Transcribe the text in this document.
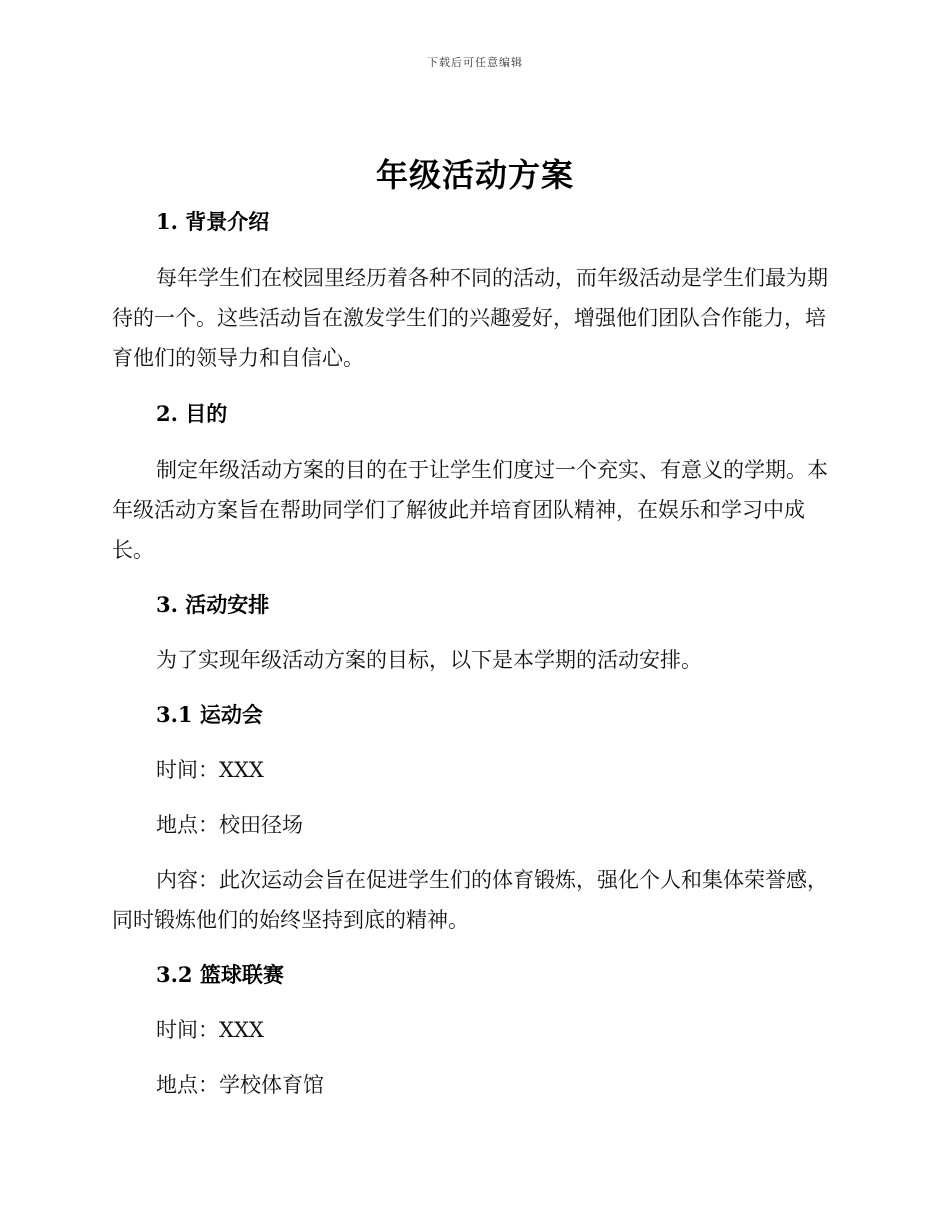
下载后可任意编辑
年级活动方案
1. 背景介绍

每年学生们在校园里经历着各种不同的活动，而年级活动是学生们最为期待的一个。这些活动旨在激发学生们的兴趣爱好，增强他们团队合作能力，培育他们的领导力和自信心。

2. 目的

制定年级活动方案的目的在于让学生们度过一个充实、有意义的学期。本年级活动方案旨在帮助同学们了解彼此并培育团队精神，在娱乐和学习中成长。

3. 活动安排

为了实现年级活动方案的目标，以下是本学期的活动安排。

3.1 运动会

时间：XXX

地点：校田径场

内容：此次运动会旨在促进学生们的体育锻炼，强化个人和集体荣誉感，同时锻炼他们的始终坚持到底的精神。

3.2 篮球联赛

时间：XXX

地点：学校体育馆
